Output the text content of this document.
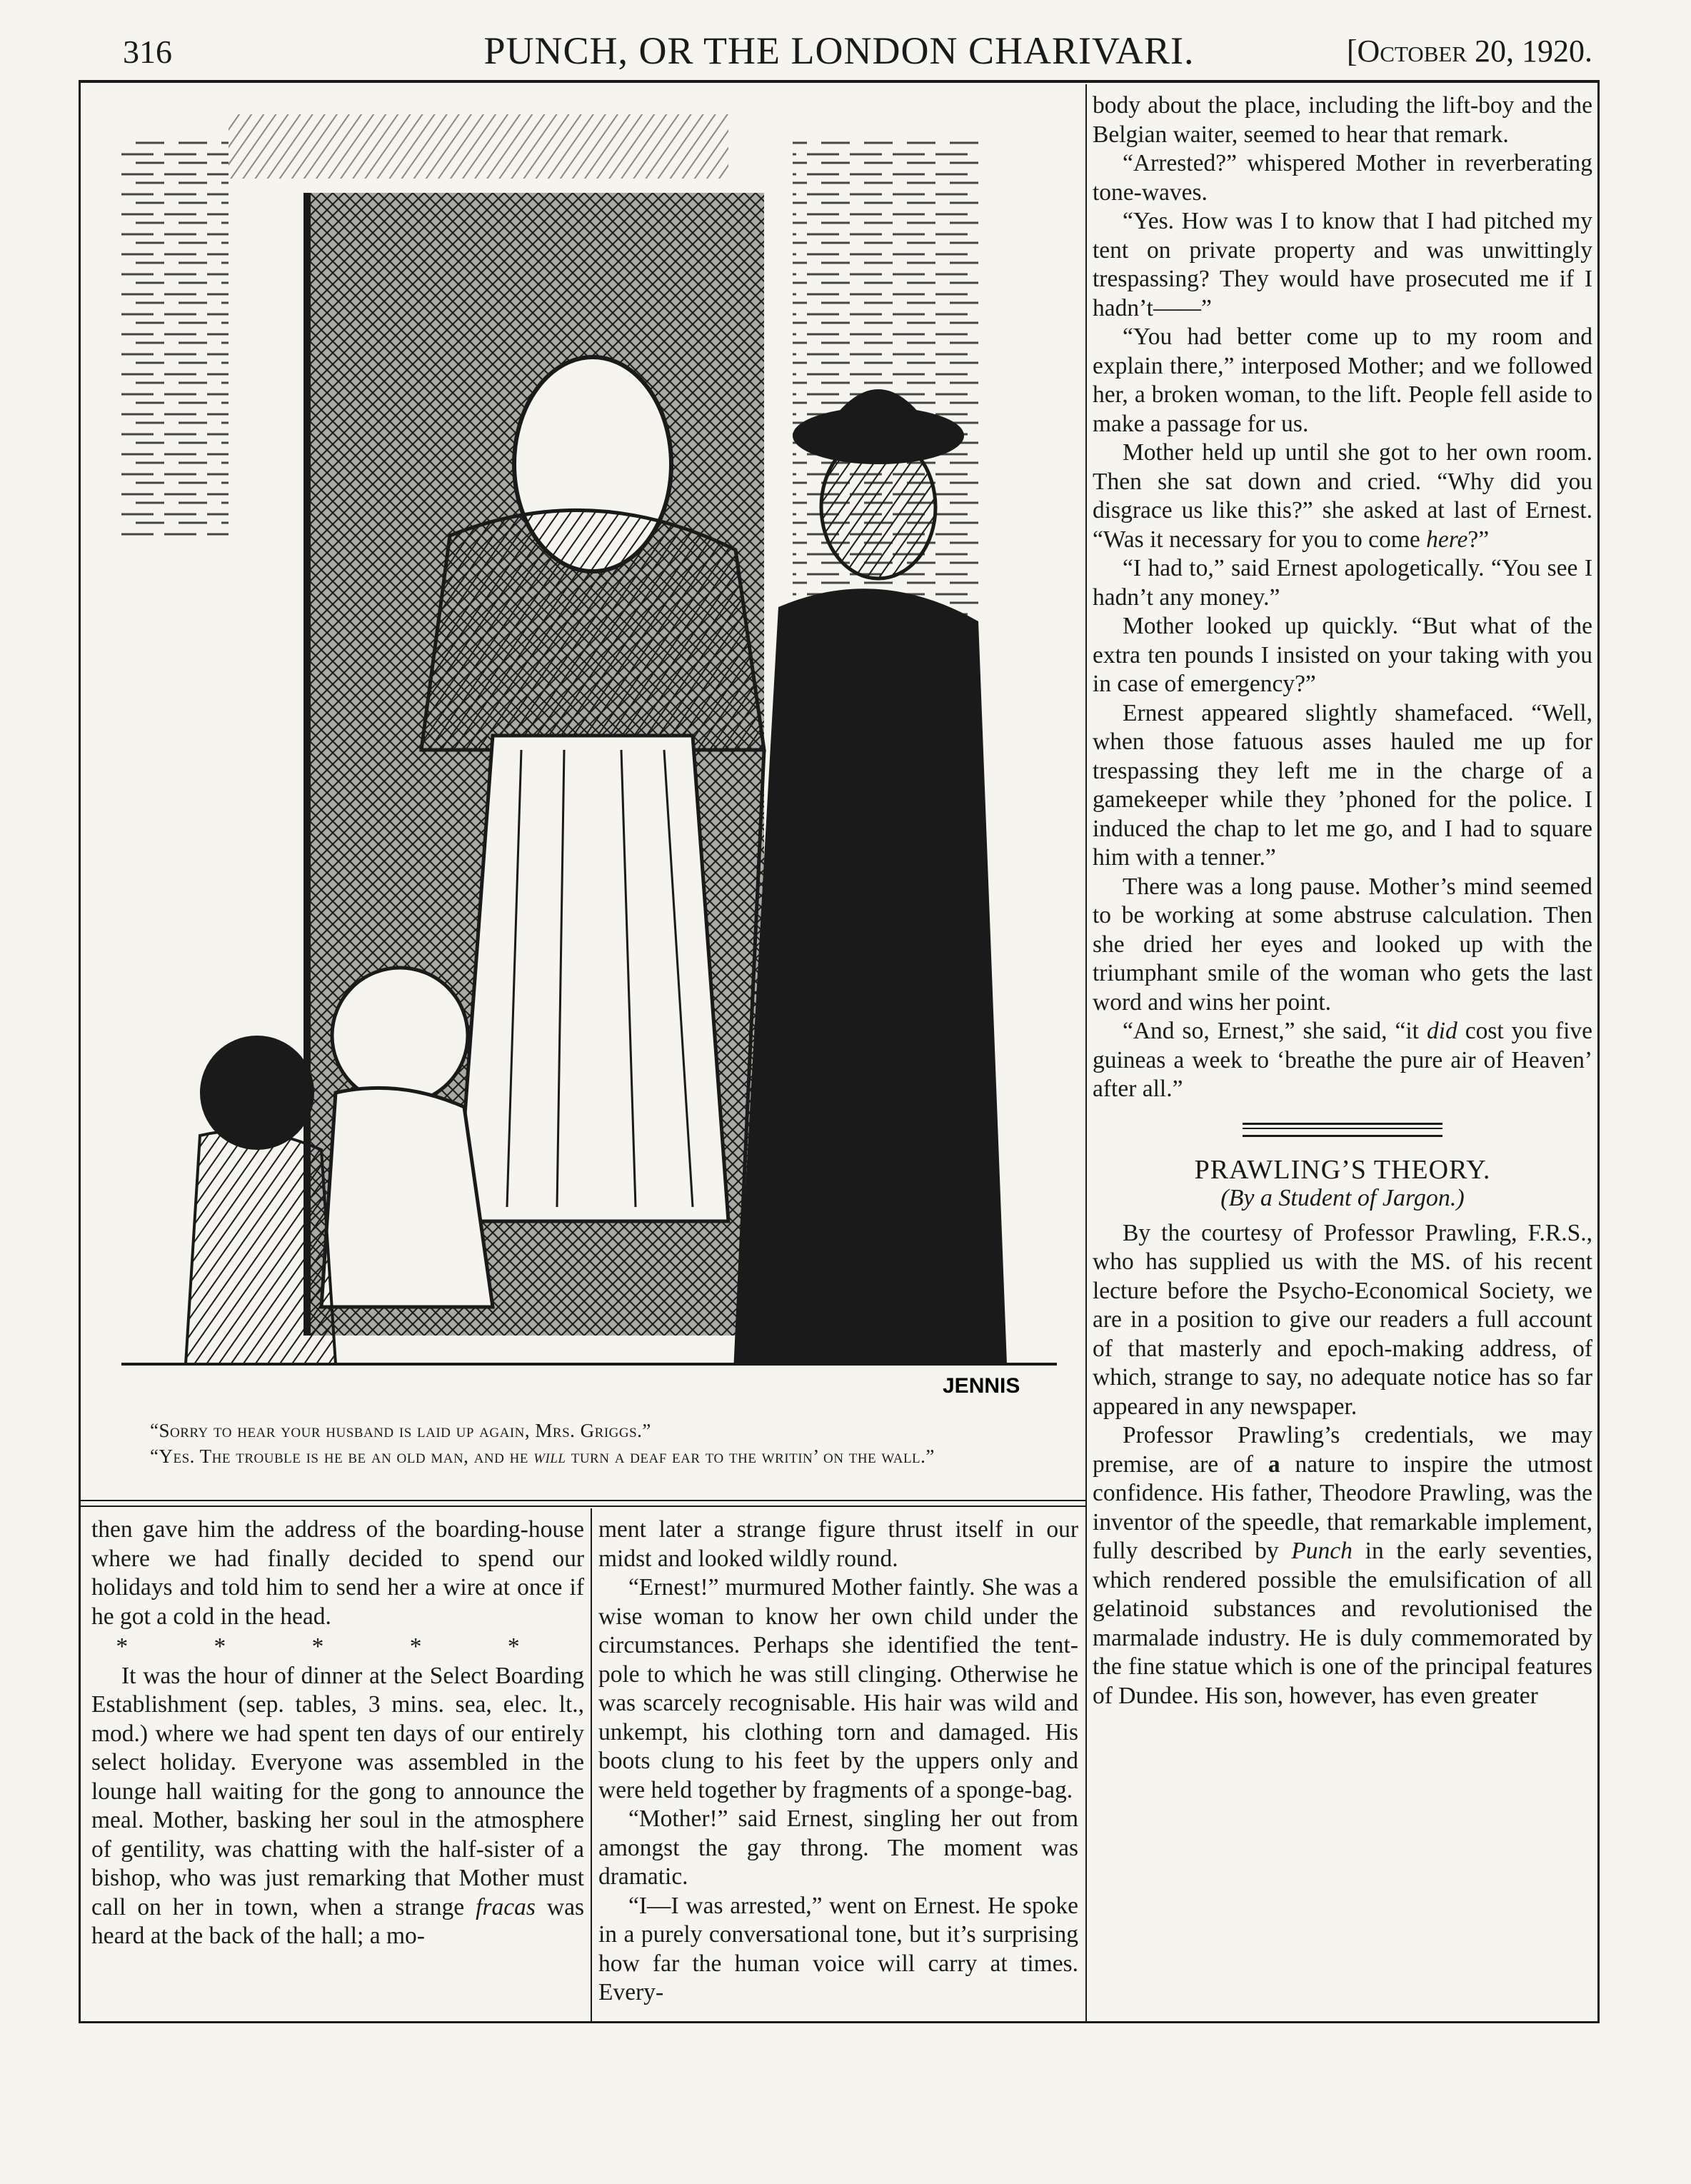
316	PUNCH, OR THE LONDON CHARIVARI.	[October 20, 1920.
JENNIS
“Sorry to hear your husband is laid up again, Mrs. Griggs.”
“Yes. The trouble is he be an old man, and he will turn a deaf ear to the writin’ on the wall.”

body about the place, including the lift-boy and the Belgian waiter, seemed to hear that remark.

“Arrested?” whispered Mother in reverberating tone-waves.

“Yes. How was I to know that I had pitched my tent on private property and was unwittingly trespassing? They would have prosecuted me if I hadn’t——”

“You had better come up to my room and explain there,” interposed Mother; and we followed her, a broken woman, to the lift. People fell aside to make a passage for us.

Mother held up until she got to her own room. Then she sat down and cried. “Why did you disgrace us like this?” she asked at last of Ernest. “Was it necessary for you to come here?”

“I had to,” said Ernest apologetically. “You see I hadn’t any money.”

Mother looked up quickly. “But what of the extra ten pounds I insisted on your taking with you in case of emergency?”

Ernest appeared slightly shamefaced. “Well, when those fatuous asses hauled me up for trespassing they left me in the charge of a gamekeeper while they ’phoned for the police. I induced the chap to let me go, and I had to square him with a tenner.”

There was a long pause. Mother’s mind seemed to be working at some abstruse calculation. Then she dried her eyes and looked up with the triumphant smile of the woman who gets the last word and wins her point.

“And so, Ernest,” she said, “it did cost you five guineas a week to ‘breathe the pure air of Heaven’ after all.”

PRAWLING’S THEORY.
(By a Student of Jargon.)

By the courtesy of Professor Prawling, F.R.S., who has supplied us with the MS. of his recent lecture before the Psycho-Economical Society, we are in a position to give our readers a full account of that masterly and epoch-making address, of which, strange to say, no adequate notice has so far appeared in any newspaper.

Professor Prawling’s credentials, we may premise, are of a nature to inspire the utmost confidence. His father, Theodore Prawling, was the inventor of the speedle, that remarkable implement, fully described by Punch in the early seventies, which rendered possible the emulsification of all gelatinoid substances and revolutionised the marmalade industry. He is duly commemorated by the fine statue which is one of the principal features of Dundee. His son, however, has even greater

then gave him the address of the boarding-house where we had finally decided to spend our holidays and told him to send her a wire at once if he got a cold in the head.

* * * * *

It was the hour of dinner at the Select Boarding Establishment (sep. tables, 3 mins. sea, elec. lt., mod.) where we had spent ten days of our entirely select holiday. Everyone was assembled in the lounge hall waiting for the gong to announce the meal. Mother, basking her soul in the atmosphere of gentility, was chatting with the half-sister of a bishop, who was just remarking that Mother must call on her in town, when a strange fracas was heard at the back of the hall; a mo-

ment later a strange figure thrust itself in our midst and looked wildly round.

“Ernest!” murmured Mother faintly. She was a wise woman to know her own child under the circumstances. Perhaps she identified the tent-pole to which he was still clinging. Otherwise he was scarcely recognisable. His hair was wild and unkempt, his clothing torn and damaged. His boots clung to his feet by the uppers only and were held together by fragments of a sponge-bag.

“Mother!” said Ernest, singling her out from amongst the gay throng. The moment was dramatic.

“I—I was arrested,” went on Ernest. He spoke in a purely conversational tone, but it’s surprising how far the human voice will carry at times. Every-
